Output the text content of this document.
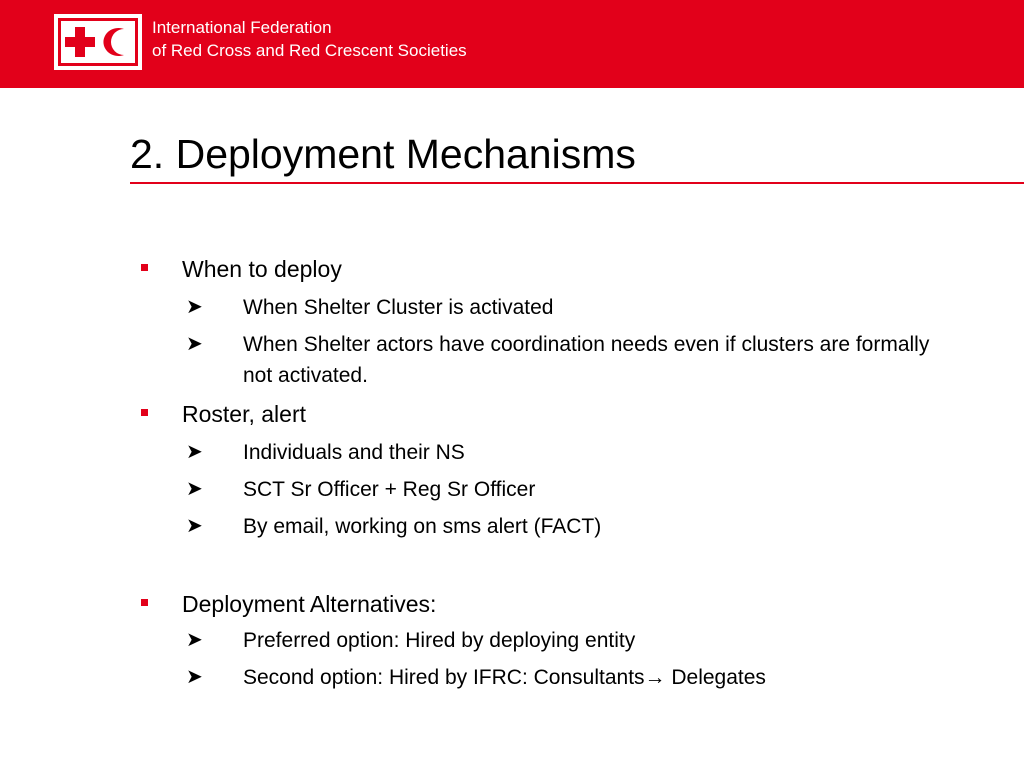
International Federation
of Red Cross and Red Crescent Societies
2. Deployment Mechanisms
When to deploy
➤ When Shelter Cluster is activated
➤ When Shelter actors have coordination needs even if clusters are formally not activated.
Roster, alert
➤ Individuals and their NS
➤ SCT Sr Officer + Reg Sr Officer
➤ By email, working on sms alert (FACT)
Deployment Alternatives:
➤ Preferred option: Hired by deploying entity
➤ Second option: Hired by IFRC: Consultants→ Delegates
